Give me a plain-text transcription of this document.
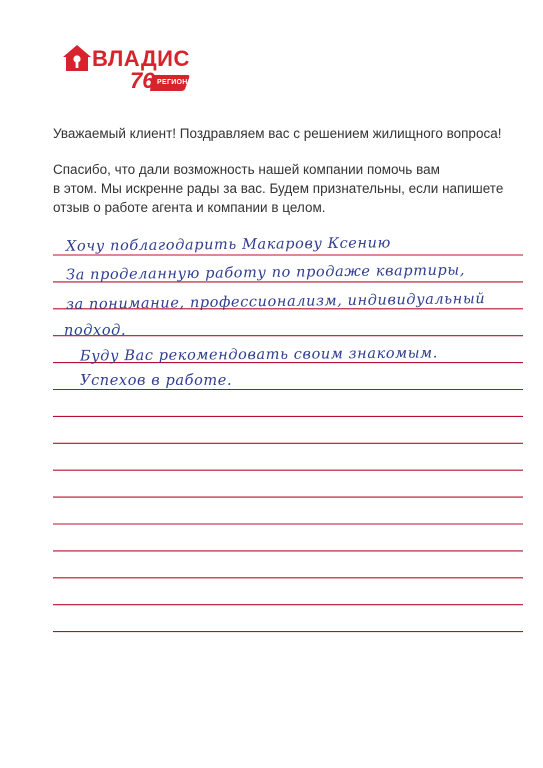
ВЛАДИС
76 РЕГИОН
Уважаемый клиент! Поздравляем вас с решением жилищного вопроса!
Спасибо, что дали возможность нашей компании помочь вам
в этом. Мы искренне рады за вас. Будем признательны, если напишете
отзыв о работе агента и компании в целом.
Хочу поблагодарить Макарову Ксению
За проделанную работу по продаже квартиры,
за понимание, профессионализм, индивидуальный
подход.
Буду Вас рекомендовать своим знакомым.
Успехов в работе.
